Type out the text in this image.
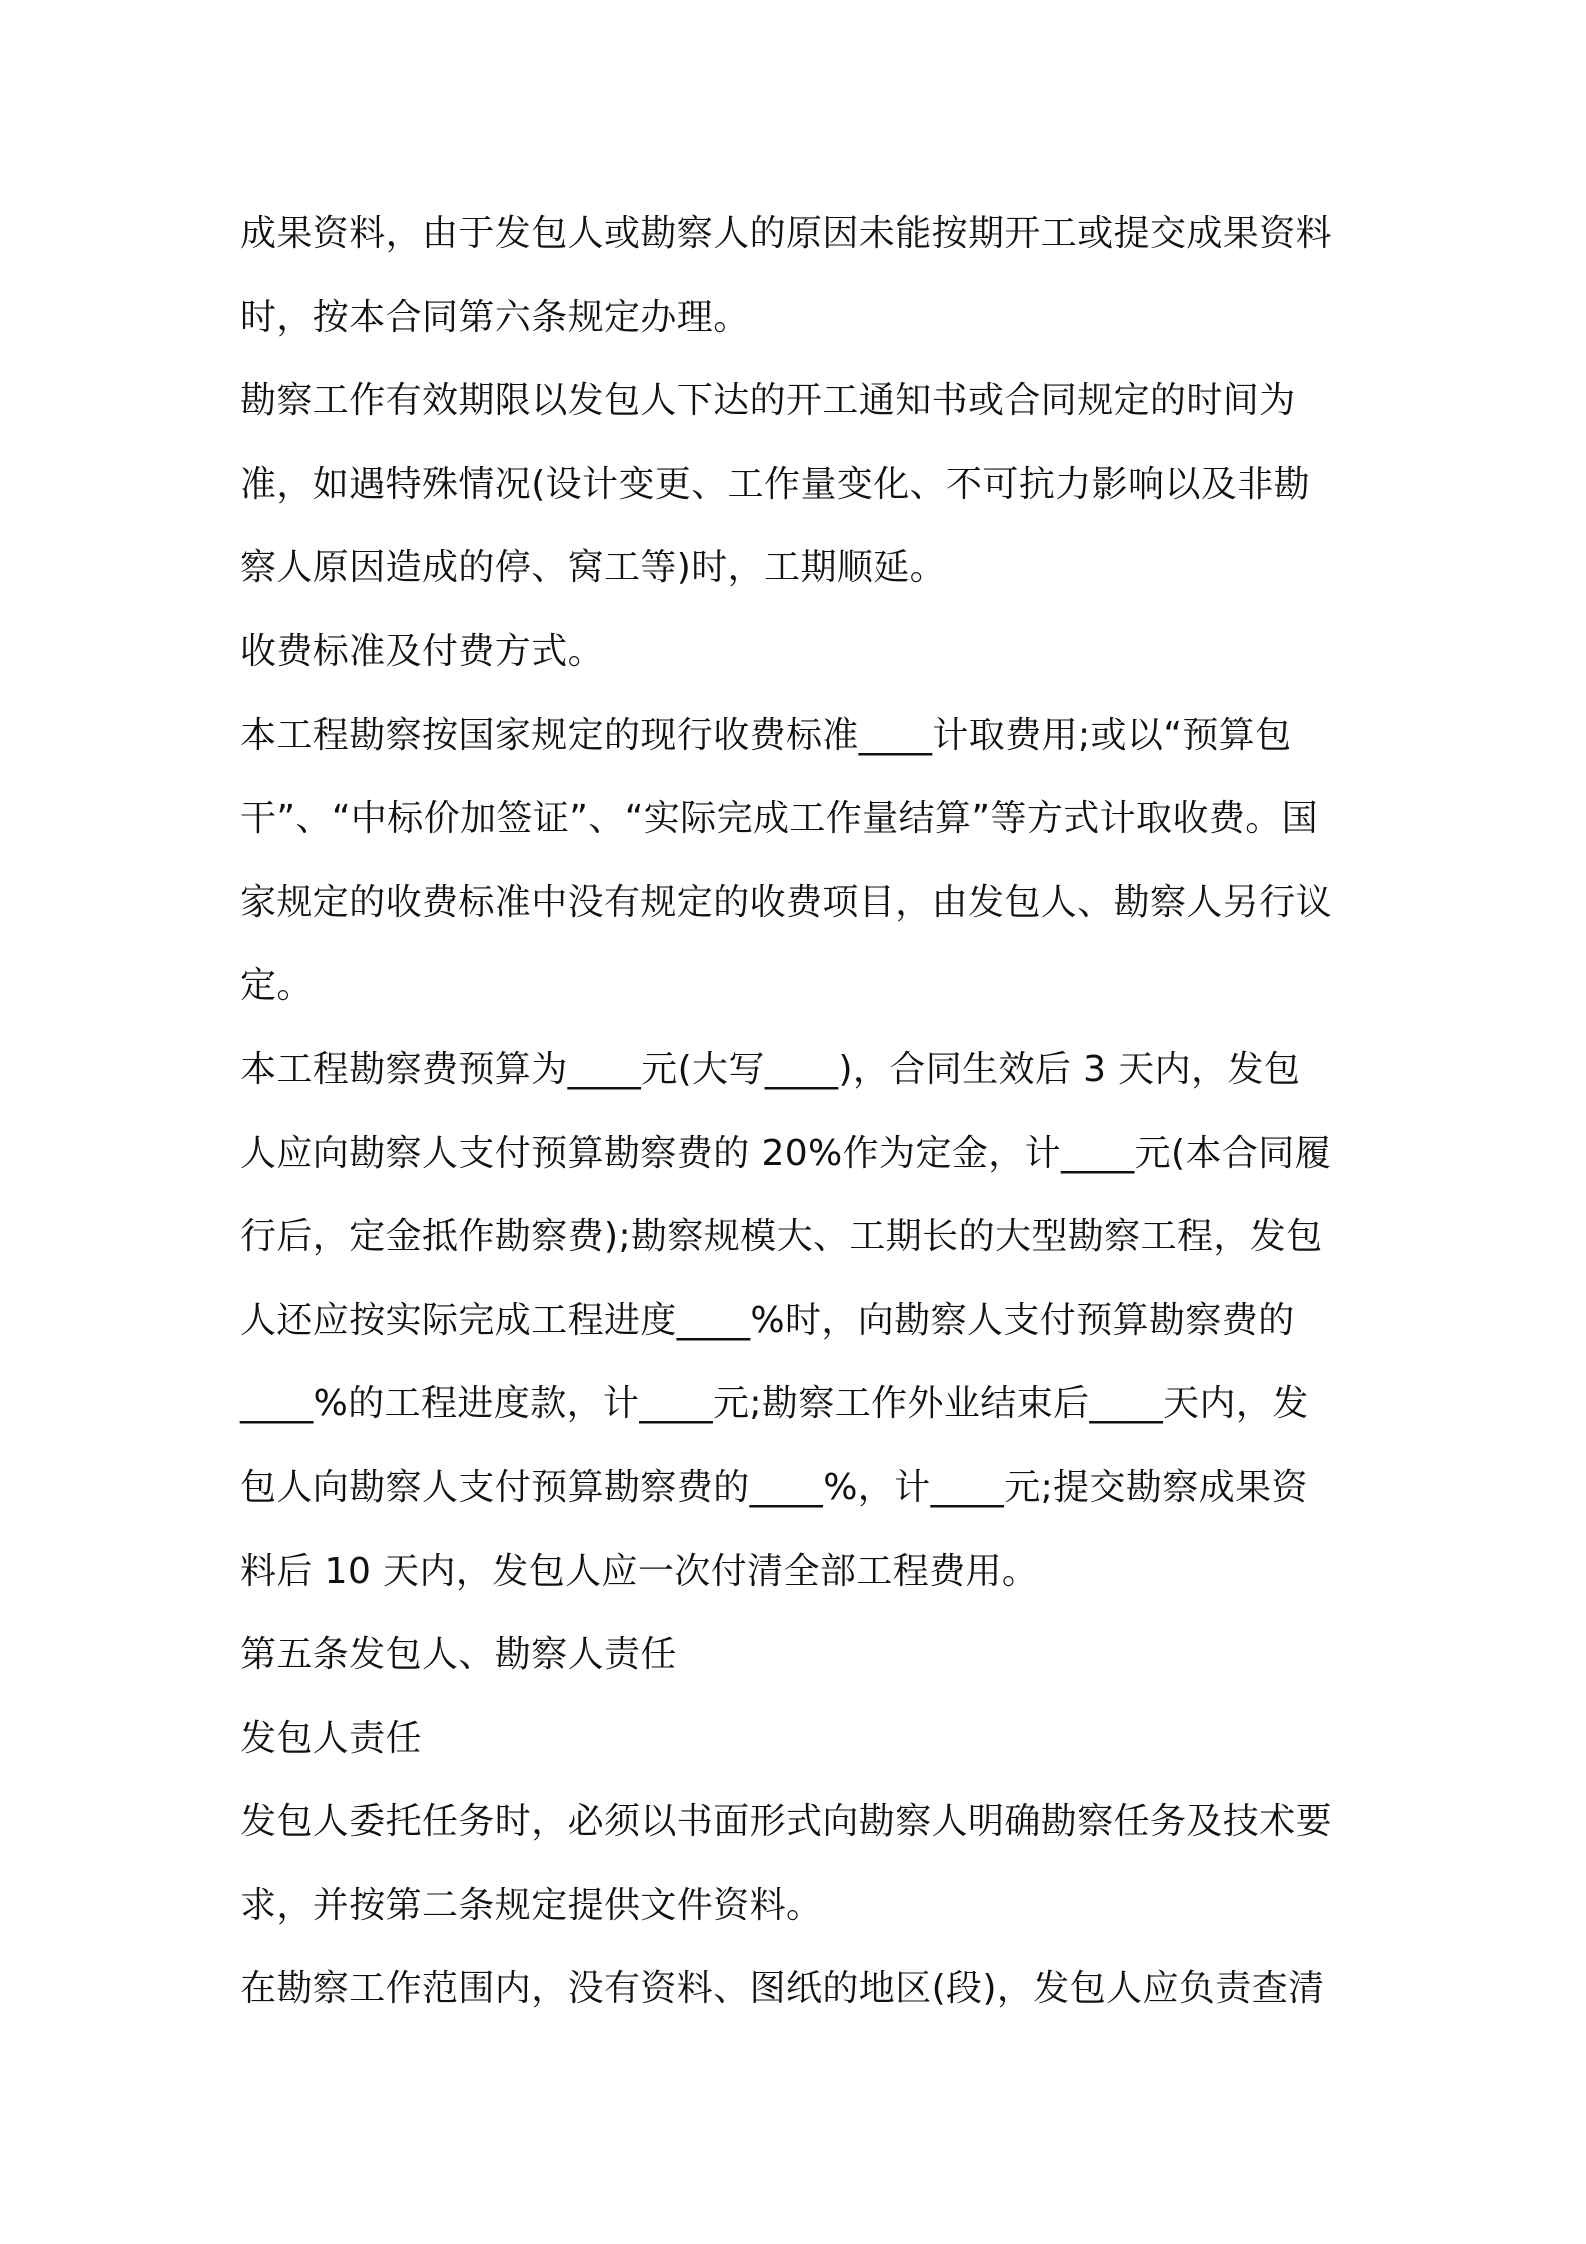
成果资料，由于发包人或勘察人的原因未能按期开工或提交成果资料
时，按本合同第六条规定办理。
勘察工作有效期限以发包人下达的开工通知书或合同规定的时间为
准，如遇特殊情况(设计变更、工作量变化、不可抗力影响以及非勘
察人原因造成的停、窝工等)时，工期顺延。
收费标准及付费方式。
本工程勘察按国家规定的现行收费标准____计取费用;或以“预算包
干”、“中标价加签证”、“实际完成工作量结算”等方式计取收费。国
家规定的收费标准中没有规定的收费项目，由发包人、勘察人另行议
定。
本工程勘察费预算为____元(大写____)，合同生效后 3 天内，发包
人应向勘察人支付预算勘察费的 20%作为定金，计____元(本合同履
行后，定金抵作勘察费);勘察规模大、工期长的大型勘察工程，发包
人还应按实际完成工程进度____%时，向勘察人支付预算勘察费的
____%的工程进度款，计____元;勘察工作外业结束后____天内，发
包人向勘察人支付预算勘察费的____%，计____元;提交勘察成果资
料后 10 天内，发包人应一次付清全部工程费用。
第五条发包人、勘察人责任
发包人责任
发包人委托任务时，必须以书面形式向勘察人明确勘察任务及技术要
求，并按第二条规定提供文件资料。
在勘察工作范围内，没有资料、图纸的地区(段)，发包人应负责查清
